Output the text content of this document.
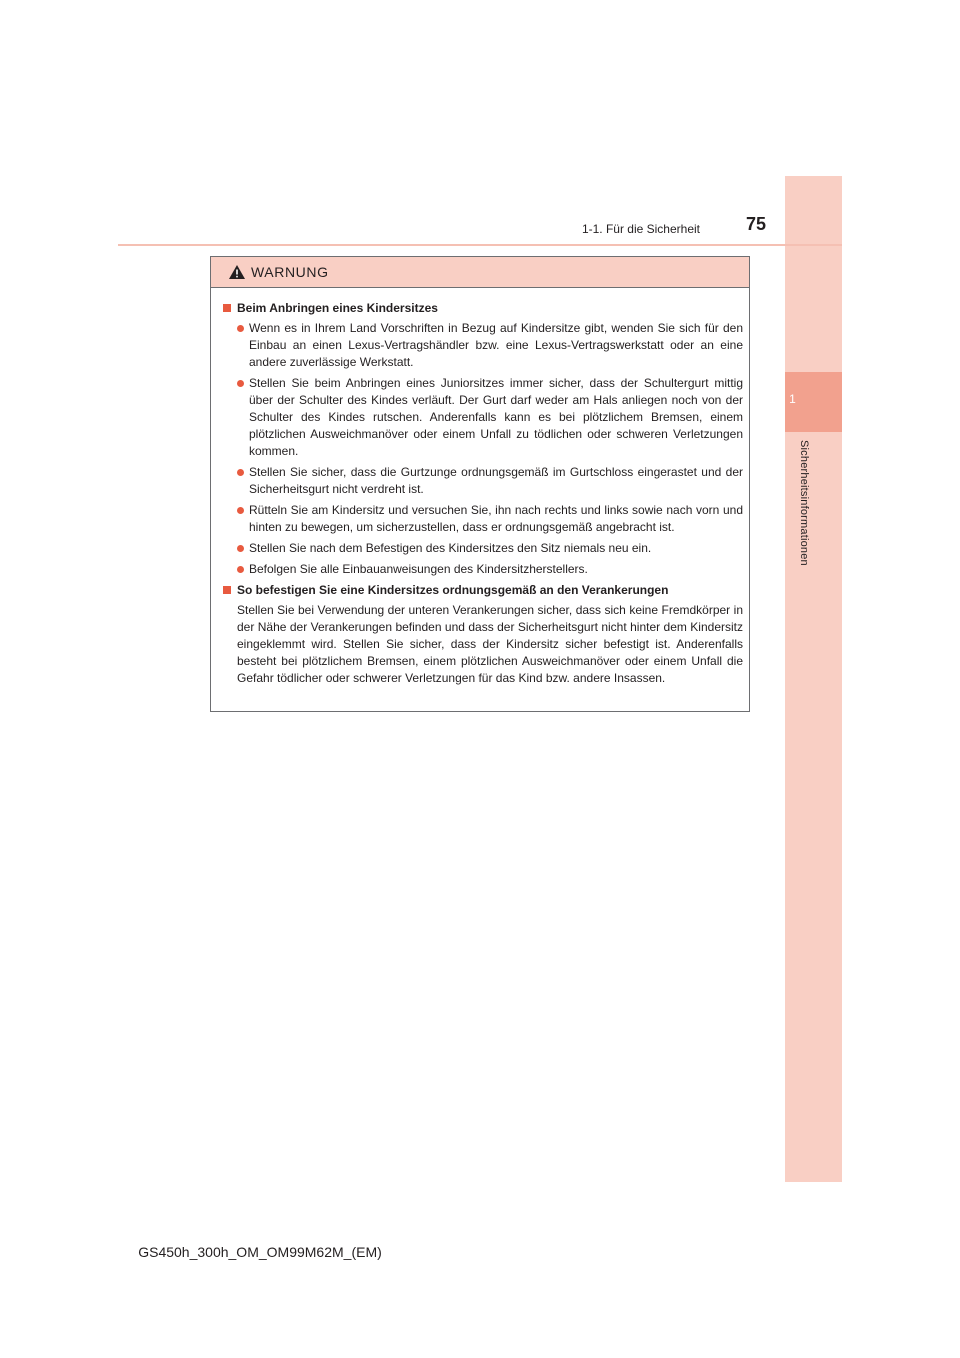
1
Sicherheitsinformationen
1-1. Für die Sicherheit	75
WARNUNG
Beim Anbringen eines Kindersitzes
Wenn es in Ihrem Land Vorschriften in Bezug auf Kindersitze gibt, wenden Sie sich für den Einbau an einen Lexus-Vertragshändler bzw. eine Lexus-Vertragswerkstatt oder an eine andere zuverlässige Werkstatt.
Stellen Sie beim Anbringen eines Juniorsitzes immer sicher, dass der Schultergurt mittig über der Schulter des Kindes verläuft. Der Gurt darf weder am Hals anliegen noch von der Schulter des Kindes rutschen. Anderenfalls kann es bei plötzlichem Bremsen, einem plötzlichen Ausweichmanöver oder einem Unfall zu tödlichen oder schweren Verletzungen kommen.
Stellen Sie sicher, dass die Gurtzunge ordnungsgemäß im Gurtschloss eingerastet und der Sicherheitsgurt nicht verdreht ist.
Rütteln Sie am Kindersitz und versuchen Sie, ihn nach rechts und links sowie nach vorn und hinten zu bewegen, um sicherzustellen, dass er ordnungsgemäß angebracht ist.
Stellen Sie nach dem Befestigen des Kindersitzes den Sitz niemals neu ein.
Befolgen Sie alle Einbauanweisungen des Kindersitzherstellers.
So befestigen Sie eine Kindersitzes ordnungsgemäß an den Verankerungen
Stellen Sie bei Verwendung der unteren Verankerungen sicher, dass sich keine Fremdkörper in der Nähe der Verankerungen befinden und dass der Sicherheitsgurt nicht hinter dem Kindersitz eingeklemmt wird. Stellen Sie sicher, dass der Kindersitz sicher befestigt ist. Anderenfalls besteht bei plötzlichem Bremsen, einem plötzlichen Ausweichmanöver oder einem Unfall die Gefahr tödlicher oder schwerer Verletzungen für das Kind bzw. andere Insassen.
GS450h_300h_OM_OM99M62M_(EM)
